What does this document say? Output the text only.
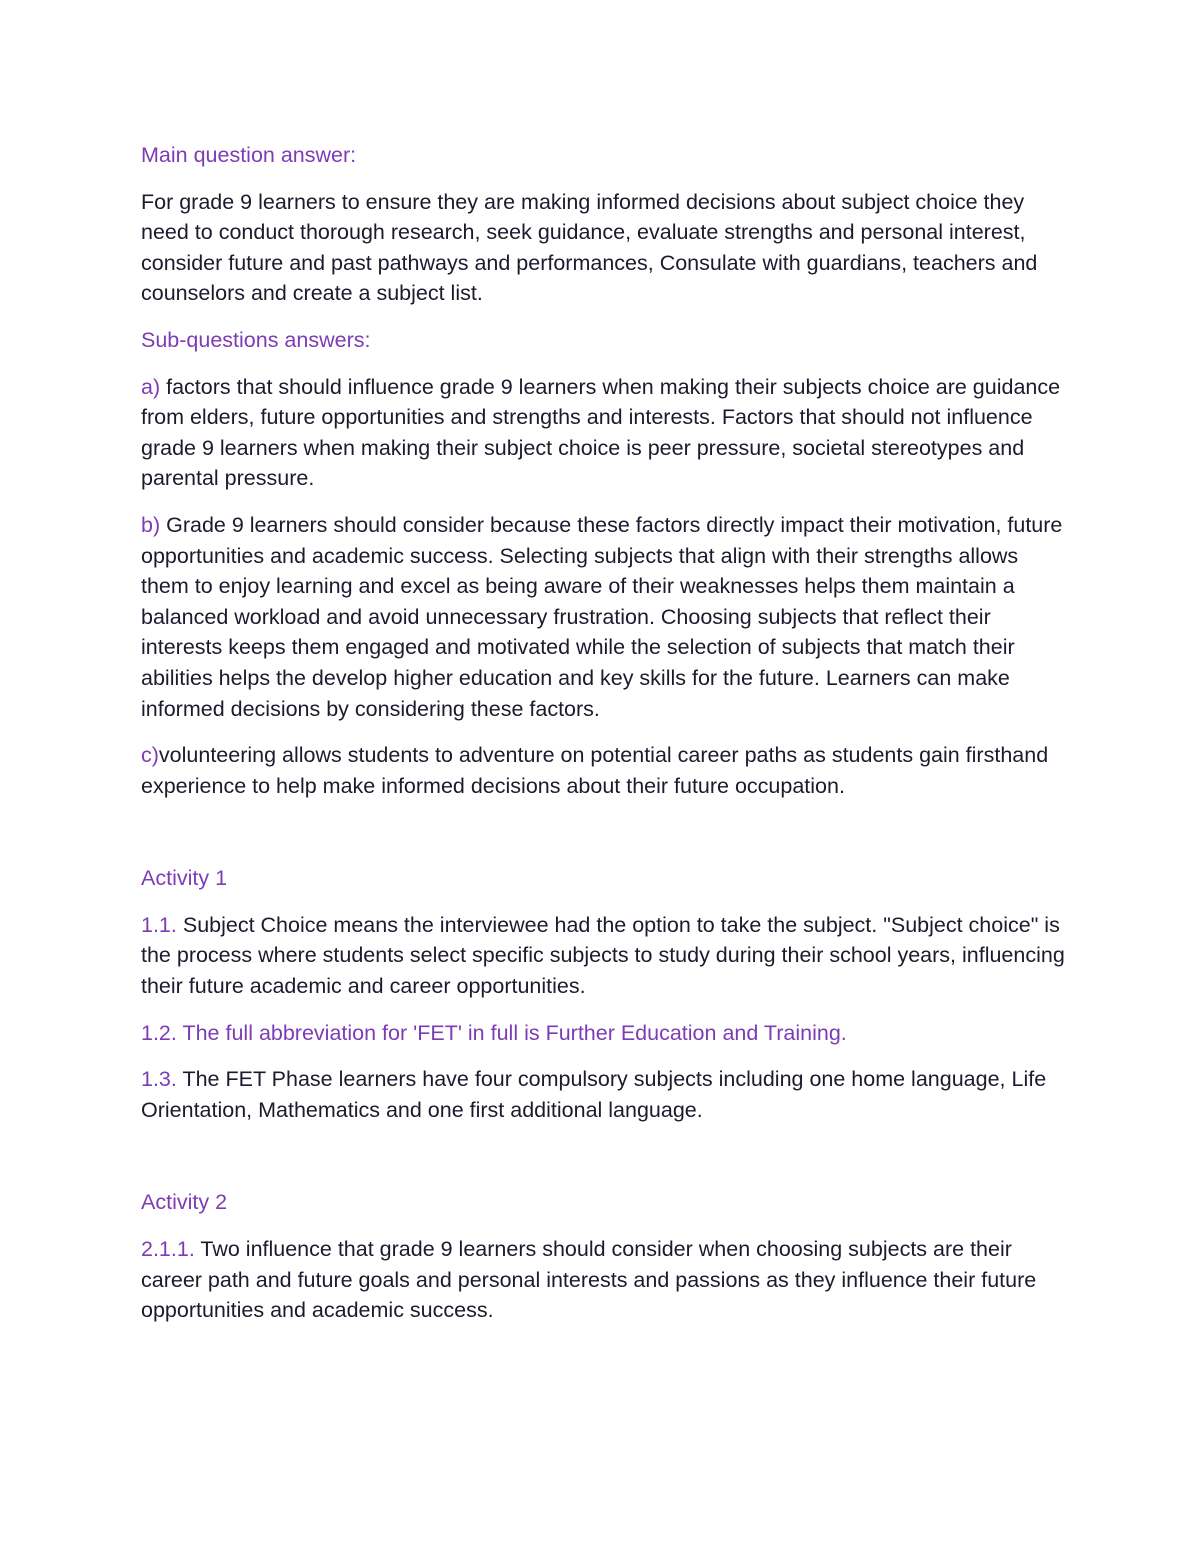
Main question answer:

For grade 9 learners to ensure they are making informed decisions about subject choice they need to conduct thorough research, seek guidance, evaluate strengths and personal interest, consider future and past pathways and performances, Consulate with guardians, teachers and counselors and create a subject list.

Sub-questions answers:

a) factors that should influence grade 9 learners when making their subjects choice are guidance from elders, future opportunities and strengths and interests. Factors that should not influence grade 9 learners when making their subject choice is peer pressure, societal stereotypes and parental pressure.

b) Grade 9 learners should consider because these factors directly impact their motivation, future opportunities and academic success. Selecting subjects that align with their strengths allows them to enjoy learning and excel as being aware of their weaknesses helps them maintain a balanced workload and avoid unnecessary frustration. Choosing subjects that reflect their interests keeps them engaged and motivated while the selection of subjects that match their abilities helps the develop higher education and key skills for the future. Learners can make informed decisions by considering these factors.

c)volunteering allows students to adventure on potential career paths as students gain firsthand experience to help make informed decisions about their future occupation.

Activity 1

1.1. Subject Choice means the interviewee had the option to take the subject. "Subject choice" is the process where students select specific subjects to study during their school years, influencing their future academic and career opportunities.

1.2. The full abbreviation for 'FET' in full is Further Education and Training.

1.3. The FET Phase learners have four compulsory subjects including one home language, Life Orientation, Mathematics and one first additional language.

Activity 2

2.1.1. Two influence that grade 9 learners should consider when choosing subjects are their career path and future goals and personal interests and passions as they influence their future opportunities and academic success.
